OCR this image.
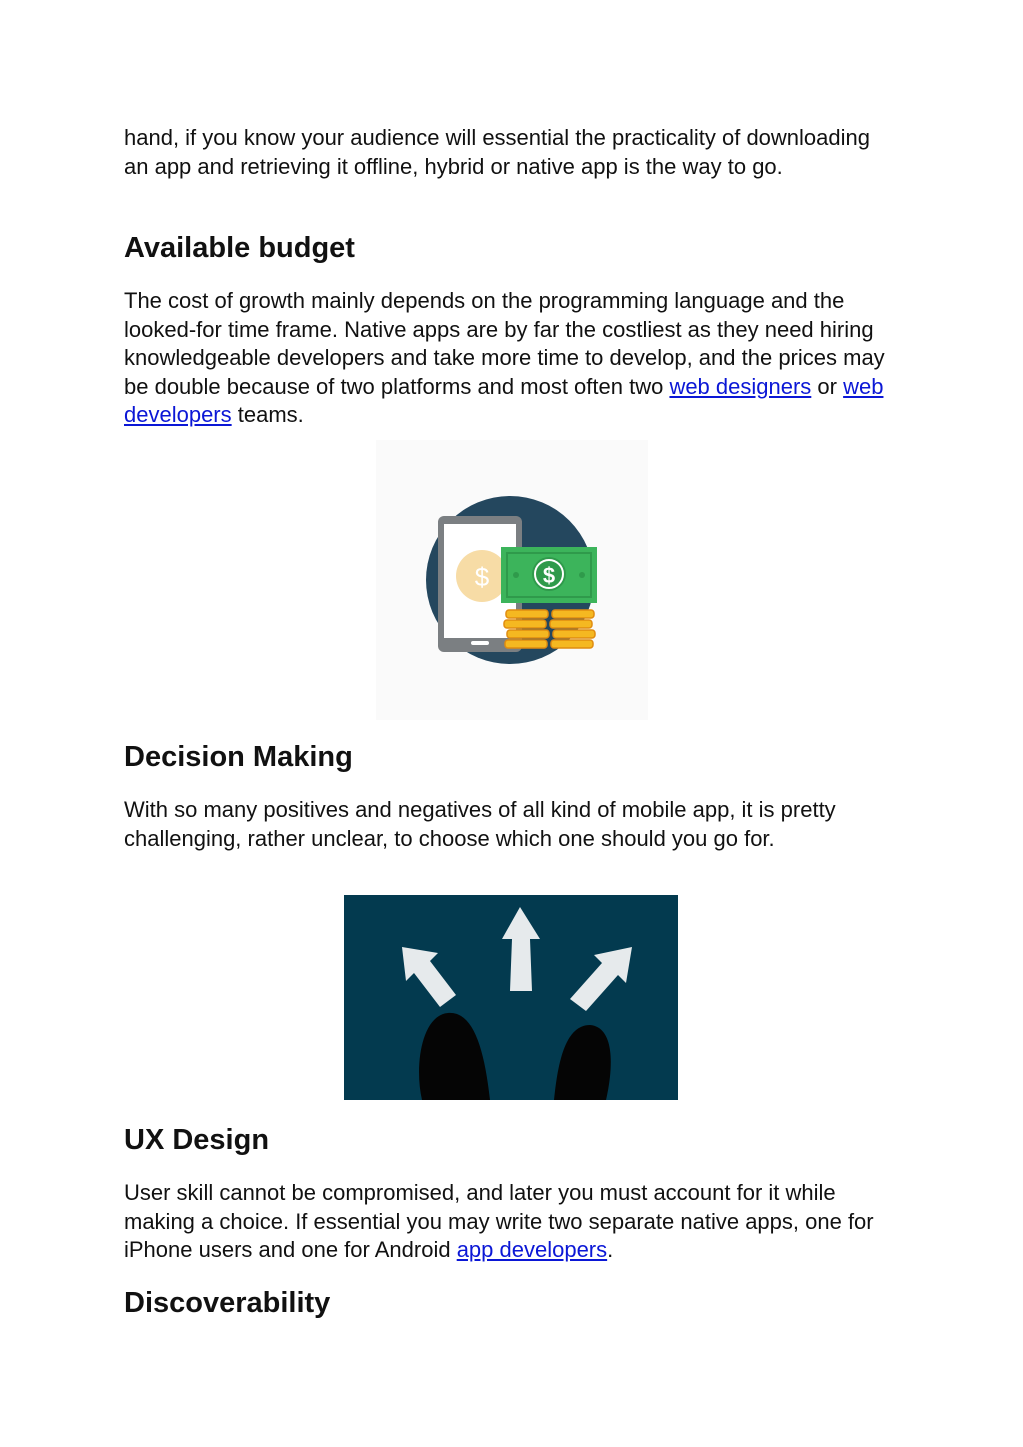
hand, if you know your audience will essential the practicality of downloading an app and retrieving it offline, hybrid or native app is the way to go.

Available budget

The cost of growth mainly depends on the programming language and the looked-for time frame. Native apps are by far the costliest as they need hiring knowledgeable developers and take more time to develop, and the prices may be double because of two platforms and most often two web designers or web developers teams.

Decision Making

With so many positives and negatives of all kind of mobile app, it is pretty challenging, rather unclear, to choose which one should you go for.

UX Design

User skill cannot be compromised, and later you must account for it while making a choice. If essential you may write two separate native apps, one for iPhone users and one for Android app developers.

Discoverability
$ $
